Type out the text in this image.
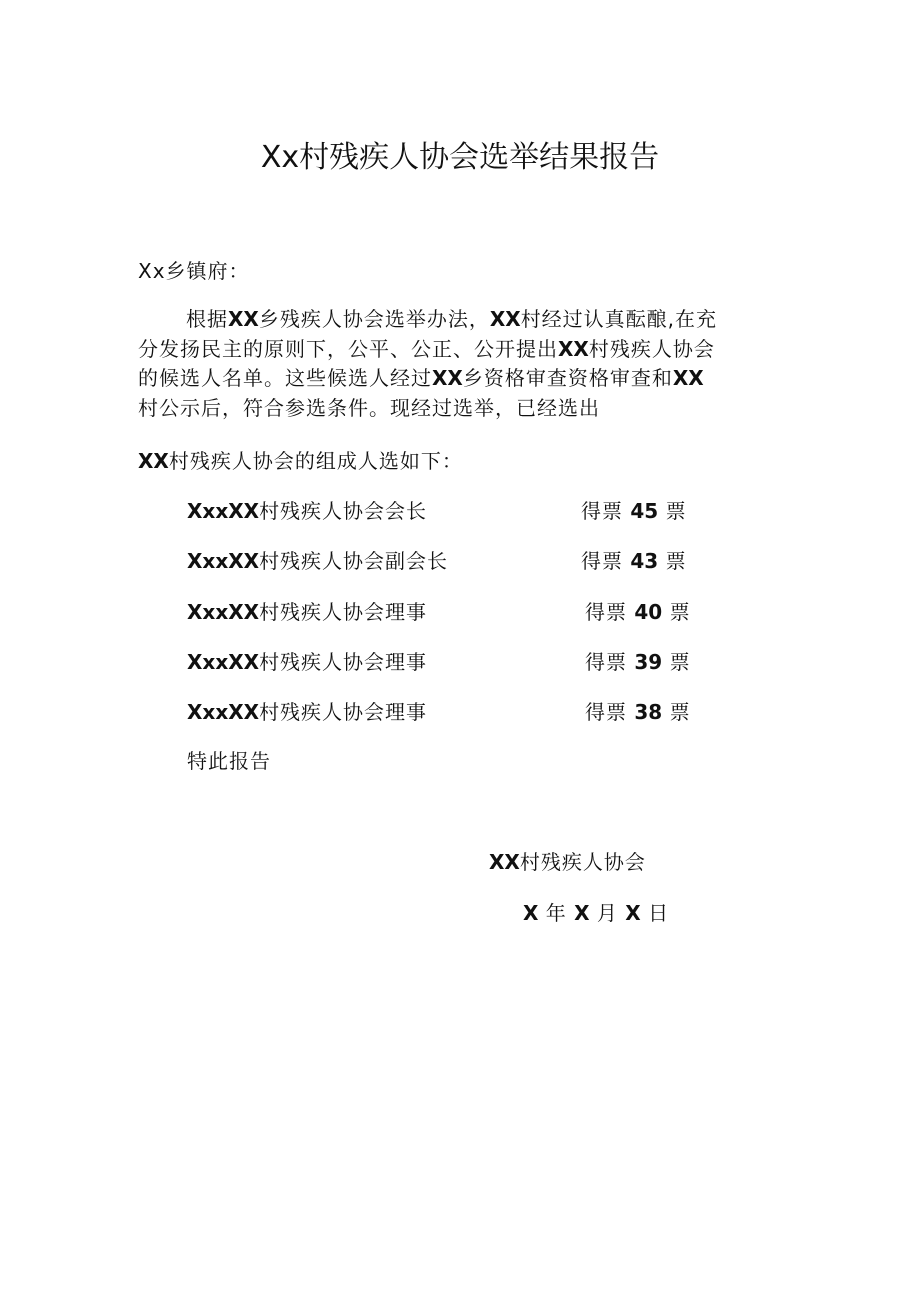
Xx村残疾人协会选举结果报告
Xx乡镇府：
根据XX乡残疾人协会选举办法，XX村经过认真酝酿,在充
分发扬民主的原则下，公平、公正、公开提出XX村残疾人协会
的候选人名单。这些候选人经过XX乡资格审查资格审查和XX
村公示后，符合参选条件。现经过选举，已经选出
XX村残疾人协会的组成人选如下：
XxxXX村残疾人协会会长	得票 45 票
XxxXX村残疾人协会副会长	得票 43 票
XxxXX村残疾人协会理事	得票 40 票
XxxXX村残疾人协会理事	得票 39 票
XxxXX村残疾人协会理事	得票 38 票
特此报告
XX村残疾人协会
X 年 X 月 X 日
